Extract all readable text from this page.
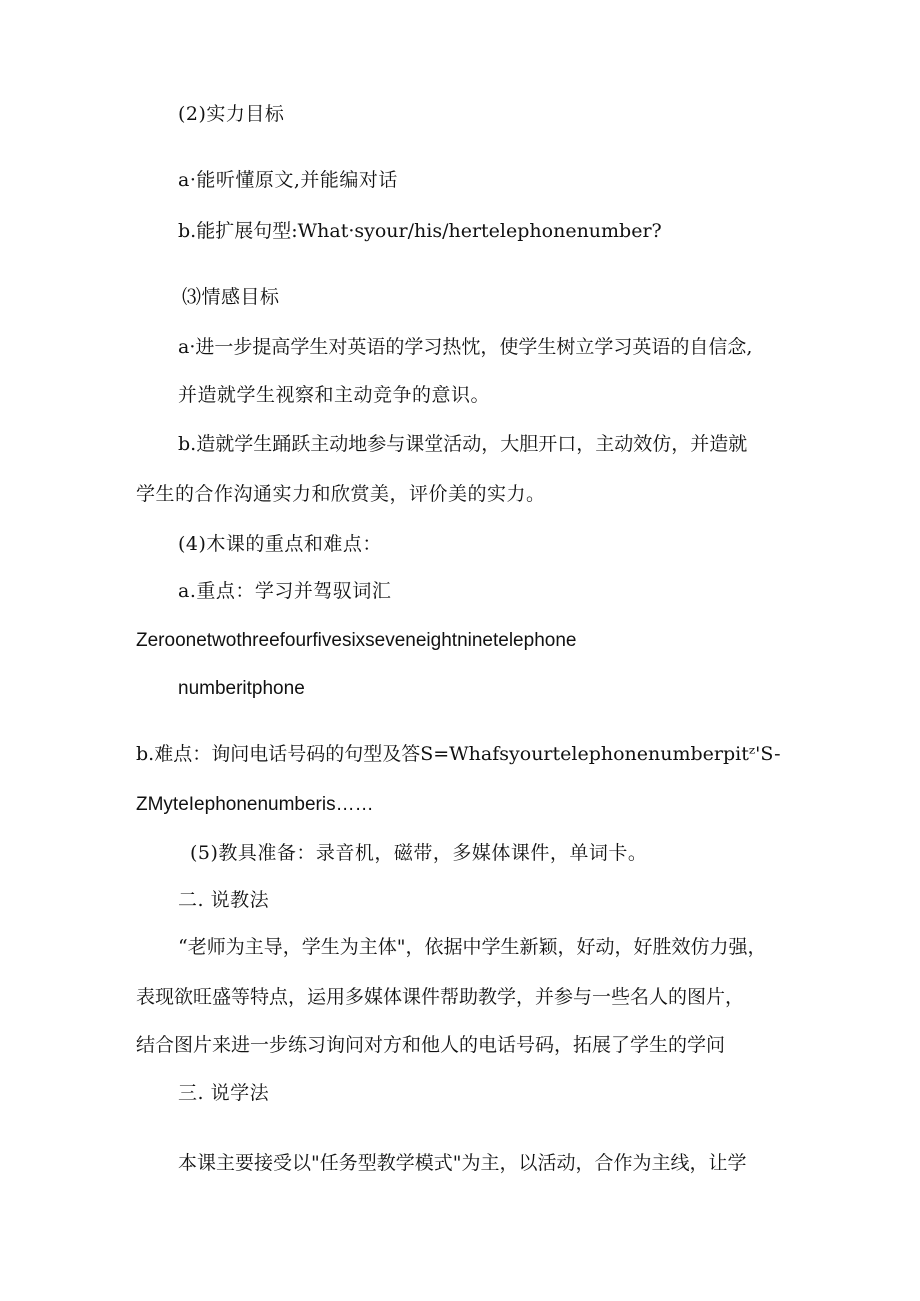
(2)实力目标
a·能听懂原文,并能编对话
b.能扩展句型:What·syour/his/hertelephonenumber?
⑶情感目标
a·进一步提高学生对英语的学习热忱，使学生树立学习英语的自信念,
并造就学生视察和主动竞争的意识。
b.造就学生踊跃主动地参与课堂活动，大胆开口，主动效仿，并造就
学生的合作沟通实力和欣赏美，评价美的实力。
(4)木课的重点和难点：
a.重点：学习并驾驭词汇
Zeroonetwothreefourfivesixseveneightninetelephone
numberitphone
b.难点：询问电话号码的句型及答S=Whafsyourtelephonenumberpitᶻ'S-
ZMyteIephonenumberis……
(5)教具准备：录音机，磁带，多媒体课件，单词卡。
二. 说教法
“老师为主导，学生为主体"，依据中学生新颖，好动，好胜效仿力强，
表现欲旺盛等特点，运用多媒体课件帮助教学，并参与一些名人的图片，
结合图片来进一步练习询问对方和他人的电话号码，拓展了学生的学问
三. 说学法
本课主要接受以"任务型教学模式"为主，以活动，合作为主线，让学
